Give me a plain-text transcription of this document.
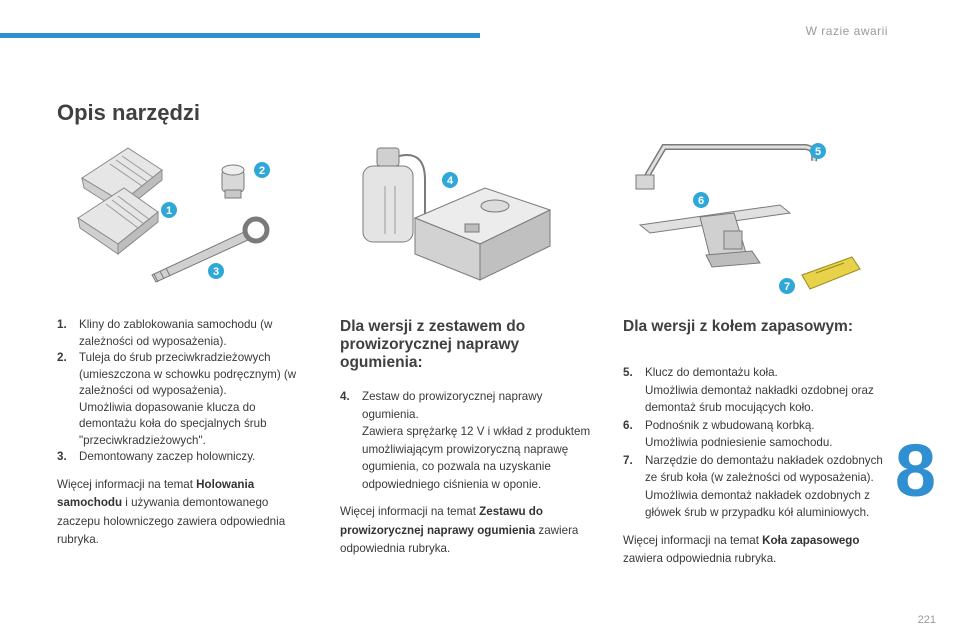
W razie awarii
Opis narzędzi
8
221
1
2
3
4
5
6
7
1. Kliny do zablokowania samochodu (w zależności od wyposażenia).
2. Tuleja do śrub przeciwkradzieżowych (umieszczona w schowku podręcznym) (w zależności od wyposażenia).
Umożliwia dopasowanie klucza do demontażu koła do specjalnych śrub "przeciwkradzieżowych".
3. Demontowany zaczep holowniczy.

Więcej informacji na temat Holowania samochodu i używania demontowanego zaczepu holowniczego zawiera odpowiednia rubryka.

Dla wersji z zestawem do prowizorycznej naprawy ogumienia:
4. Zestaw do prowizorycznej naprawy ogumienia.
Zawiera sprężarkę 12 V i wkład z produktem umożliwiającym prowizoryczną naprawę ogumienia, co pozwala na uzyskanie odpowiedniego ciśnienia w oponie.

Więcej informacji na temat Zestawu do prowizorycznej naprawy ogumienia zawiera odpowiednia rubryka.

Dla wersji z kołem zapasowym:
5. Klucz do demontażu koła.
Umożliwia demontaż nakładki ozdobnej oraz demontaż śrub mocujących koło.
6. Podnośnik z wbudowaną korbką.
Umożliwia podniesienie samochodu.
7. Narzędzie do demontażu nakładek ozdobnych ze śrub koła (w zależności od wyposażenia).
Umożliwia demontaż nakładek ozdobnych z główek śrub w przypadku kół aluminiowych.

Więcej informacji na temat Koła zapasowego zawiera odpowiednia rubryka.
